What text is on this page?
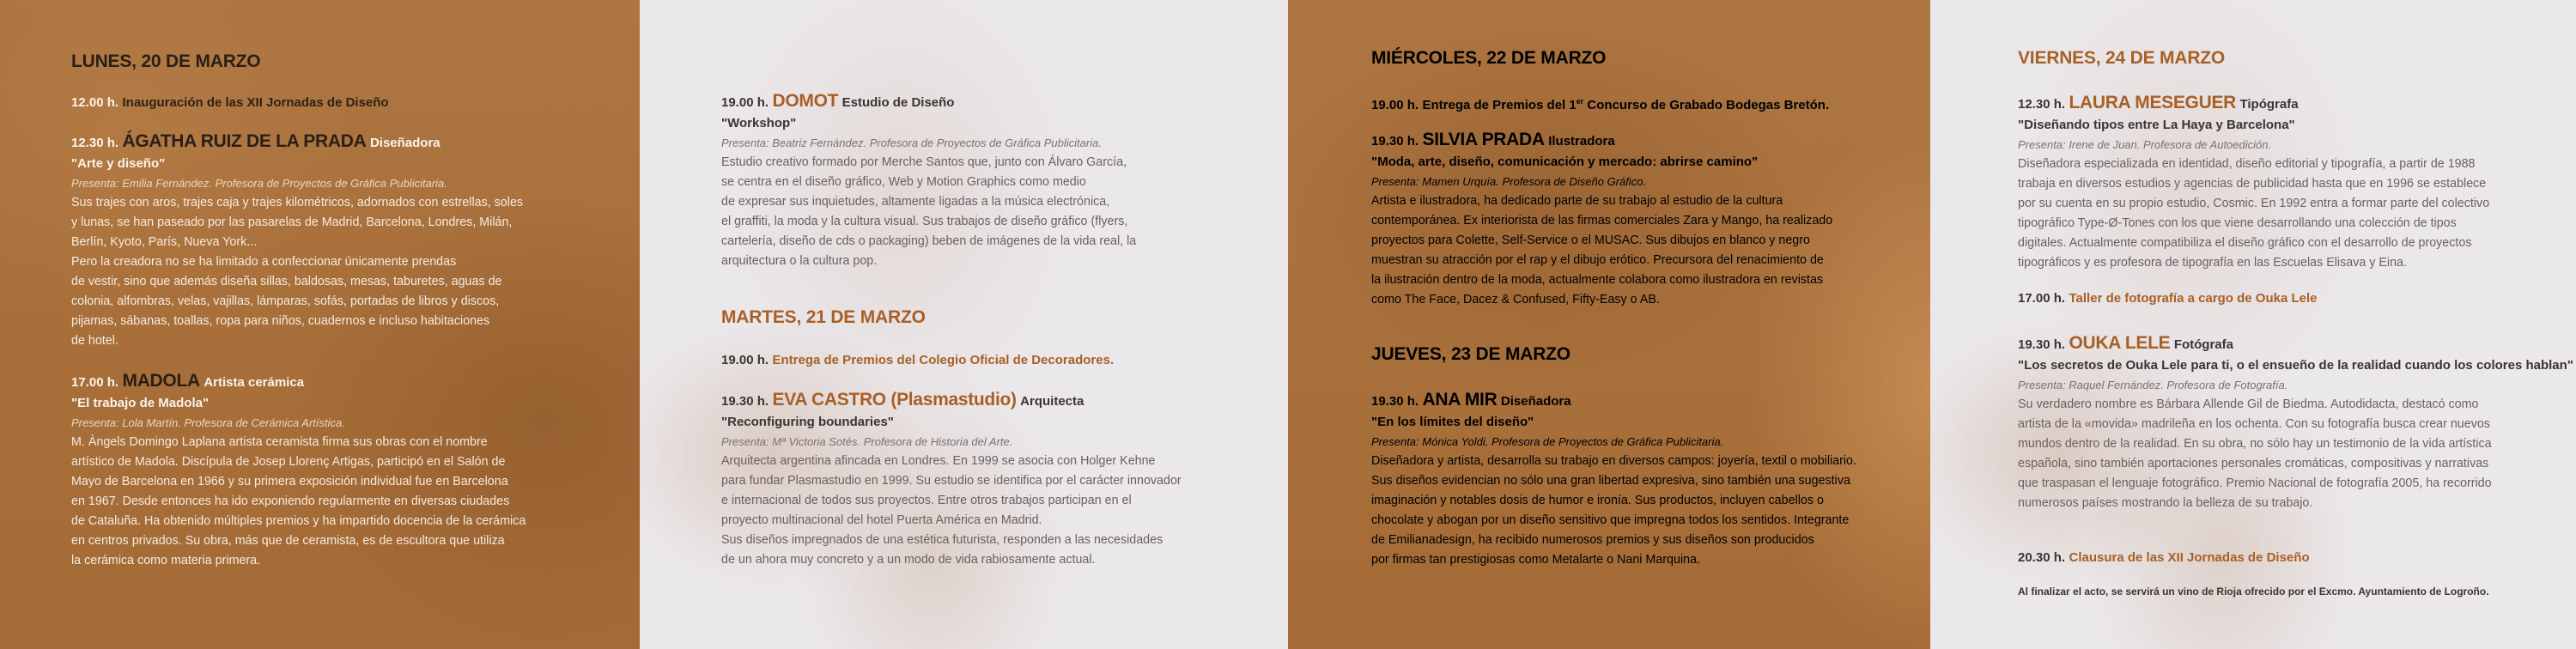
LUNES, 20 DE MARZO
12.00 h. Inauguración de las XII Jornadas de Diseño
12.30 h. ÁGATHA RUIZ DE LA PRADA Diseñadora
"Arte y diseño"
Presenta: Emilia Fernández. Profesora de Proyectos de Gráfica Publicitaria.
Sus trajes con aros, trajes caja y trajes kilométricos, adornados con estrellas, soles
y lunas, se han paseado por las pasarelas de Madrid, Barcelona, Londres, Milán,
Berlín, Kyoto, París, Nueva York...
Pero la creadora no se ha limitado a confeccionar únicamente prendas
de vestir, sino que además diseña sillas, baldosas, mesas, taburetes, aguas de
colonia, alfombras, velas, vajillas, lámparas, sofás, portadas de libros y discos,
pijamas, sábanas, toallas, ropa para niños, cuadernos e incluso habitaciones
de hotel.
17.00 h. MADOLA Artista cerámica
"El trabajo de Madola"
Presenta: Lola Martín. Profesora de Cerámica Artística.
M. Àngels Domingo Laplana artista ceramista firma sus obras con el nombre
artístico de Madola. Discípula de Josep Llorenç Artigas, participó en el Salón de
Mayo de Barcelona en 1966 y su primera exposición individual fue en Barcelona
en 1967. Desde entonces ha ido exponiendo regularmente en diversas ciudades
de Cataluña. Ha obtenido múltiples premios y ha impartido docencia de la cerámica
en centros privados. Su obra, más que de ceramista, es de escultora que utiliza
la cerámica como materia primera.
19.00 h. DOMOT Estudio de Diseño
"Workshop"
Presenta: Beatriz Fernández. Profesora de Proyectos de Gráfica Publicitaria.
Estudio creativo formado por Merche Santos que, junto con Álvaro García,
se centra en el diseño gráfico, Web y Motion Graphics como medio
de expresar sus inquietudes, altamente ligadas a la música electrónica,
el graffiti, la moda y la cultura visual. Sus trabajos de diseño gráfico (flyers,
cartelería, diseño de cds o packaging) beben de imágenes de la vida real, la
arquitectura o la cultura pop.
MARTES, 21 DE MARZO
19.00 h. Entrega de Premios del Colegio Oficial de Decoradores.
19.30 h. EVA CASTRO (Plasmastudio) Arquitecta
"Reconfiguring boundaries"
Presenta: Mª Victoria Sotés. Profesora de Historia del Arte.
Arquitecta argentina afincada en Londres. En 1999 se asocia con Holger Kehne
para fundar Plasmastudio en 1999. Su estudio se identifica por el carácter innovador
e internacional de todos sus proyectos. Entre otros trabajos participan en el
proyecto multinacional del hotel Puerta América en Madrid.
Sus diseños impregnados de una estética futurista, responden a las necesidades
de un ahora muy concreto y a un modo de vida rabiosamente actual.
MIÉRCOLES, 22 DE MARZO
19.00 h. Entrega de Premios del 1er Concurso de Grabado Bodegas Bretón.
19.30 h. SILVIA PRADA Ilustradora
"Moda, arte, diseño, comunicación y mercado: abrirse camino"
Presenta: Mamen Urquía. Profesora de Diseño Gráfico.
Artista e ilustradora, ha dedicado parte de su trabajo al estudio de la cultura
contemporánea. Ex interiorista de las firmas comerciales Zara y Mango, ha realizado
proyectos para Colette, Self-Service o el MUSAC. Sus dibujos en blanco y negro
muestran su atracción por el rap y el dibujo erótico. Precursora del renacimiento de
la ilustración dentro de la moda, actualmente colabora como ilustradora en revistas
como The Face, Dacez & Confused, Fifty-Easy o AB.
JUEVES, 23 DE MARZO
19.30 h. ANA MIR Diseñadora
"En los límites del diseño"
Presenta: Mónica Yoldi. Profesora de Proyectos de Gráfica Publicitaria.
Diseñadora y artista, desarrolla su trabajo en diversos campos: joyería, textil o mobiliario.
Sus diseños evidencian no sólo una gran libertad expresiva, sino también una sugestiva
imaginación y notables dosis de humor e ironía. Sus productos, incluyen cabellos o
chocolate y abogan por un diseño sensitivo que impregna todos los sentidos. Integrante
de Emilianadesign, ha recibido numerosos premios y sus diseños son producidos
por firmas tan prestigiosas como Metalarte o Nani Marquina.
VIERNES, 24 DE MARZO
12.30 h. LAURA MESEGUER Tipógrafa
"Diseñando tipos entre La Haya y Barcelona"
Presenta: Irene de Juan. Profesora de Autoedición.
Diseñadora especializada en identidad, diseño editorial y tipografía, a partir de 1988
trabaja en diversos estudios y agencias de publicidad hasta que en 1996 se establece
por su cuenta en su propio estudio, Cosmic. En 1992 entra a formar parte del colectivo
tipográfico Type-Ø-Tones con los que viene desarrollando una colección de tipos
digitales. Actualmente compatibiliza el diseño gráfico con el desarrollo de proyectos
tipográficos y es profesora de tipografía en las Escuelas Elisava y Eina.
17.00 h. Taller de fotografía a cargo de Ouka Lele
19.30 h. OUKA LELE Fotógrafa
"Los secretos de Ouka Lele para ti, o el ensueño de la realidad cuando los colores hablan"
Presenta: Raquel Fernández. Profesora de Fotografía.
Su verdadero nombre es Bárbara Allende Gil de Biedma. Autodidacta, destacó como
artista de la «movida» madrileña en los ochenta. Con su fotografía busca crear nuevos
mundos dentro de la realidad. En su obra, no sólo hay un testimonio de la vida artística
española, sino también aportaciones personales cromáticas, compositivas y narrativas
que traspasan el lenguaje fotográfico. Premio Nacional de fotografía 2005, ha recorrido
numerosos países mostrando la belleza de su trabajo.
20.30 h. Clausura de las XII Jornadas de Diseño
Al finalizar el acto, se servirá un vino de Rioja ofrecido por el Excmo. Ayuntamiento de Logroño.
